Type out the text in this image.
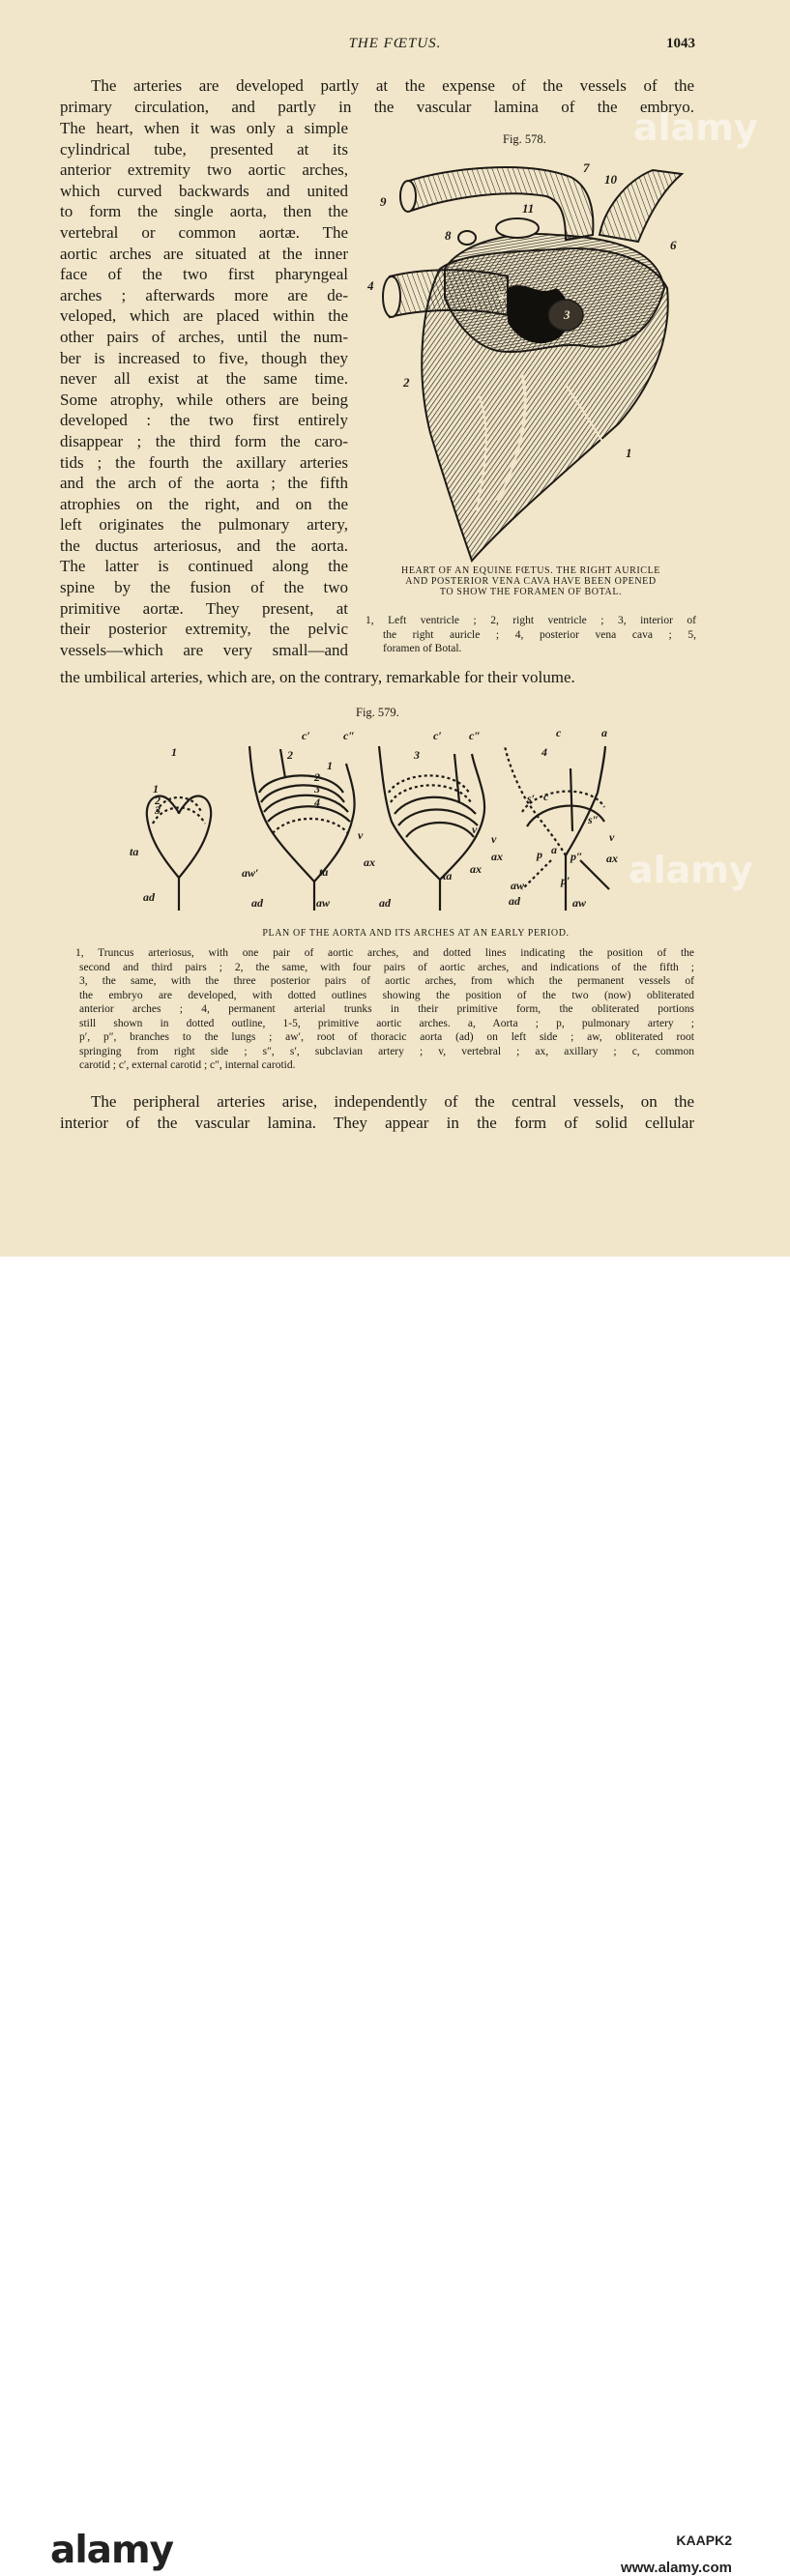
THE FŒTUS.	1043
The arteries are developed partly at the expense of the vessels of the
primary circulation, and partly in the vascular lamina of the embryo.
The heart, when it was only a simple
cylindrical tube, presented at its
anterior extremity two aortic arches,
which curved backwards and united
to form the single aorta, then the
vertebral or common aortæ. The
aortic arches are situated at the inner
face of the two first pharyngeal
arches ; afterwards more are de-
veloped, which are placed within the
other pairs of arches, until the num-
ber is increased to five, though they
never all exist at the same time.
Some atrophy, while others are being
developed : the two first entirely
disappear ; the third form the caro-
tids ; the fourth the axillary arteries
and the arch of the aorta ; the fifth
atrophies on the right, and on the
left originates the pulmonary artery,
the ductus arteriosus, and the aorta.
The latter is continued along the
spine by the fusion of the two
primitive aortæ. They present, at
their posterior extremity, the pelvic
vessels—which are very small—and
the umbilical arteries, which are, on the contrary, remarkable for their volume.
Fig. 578.
9
7
10
11
8
6
4
5
3
2
1
HEART OF AN EQUINE FŒTUS. THE RIGHT AURICLE
AND POSTERIOR VENA CAVA HAVE BEEN OPENED
TO SHOW THE FORAMEN OF BOTAL.
1, Left ventricle ; 2, right ventricle ; 3, interior of
the right auricle ; 4, posterior vena cava ; 5,
foramen of Botal.
Fig. 579.
1	2	3	4
1
2
3
1
2
3
4
c′	c″	c′ c″	c	a
ta
ad
aw′	ta
ad	aw
v
ax
v
ta ax
ad
s′ c
s″
v
v
ax	p a p″ ax
aw	p′
ad	aw
PLAN OF THE AORTA AND ITS ARCHES AT AN EARLY PERIOD.
1, Truncus arteriosus, with one pair of aortic arches, and dotted lines indicating the position of the
second and third pairs ; 2, the same, with four pairs of aortic arches, and indications of the fifth ;
3, the same, with the three posterior pairs of aortic arches, from which the permanent vessels of
the embryo are developed, with dotted outlines showing the position of the two (now) obliterated
anterior arches ; 4, permanent arterial trunks in their primitive form, the obliterated portions
still shown in dotted outline, 1-5, primitive aortic arches. a, Aorta ; p, pulmonary artery ;
p′, p″, branches to the lungs ; aw′, root of thoracic aorta (ad) on left side ; aw, obliterated root
springing from right side ; s″, s′, subclavian artery ; v, vertebral ; ax, axillary ; c, common
carotid ; c′, external carotid ; c″, internal carotid.
The peripheral arteries arise, independently of the central vessels, on the
interior of the vascular lamina. They appear in the form of solid cellular
alamy
alamy
alamy	KAAPK2
www.alamy.com
